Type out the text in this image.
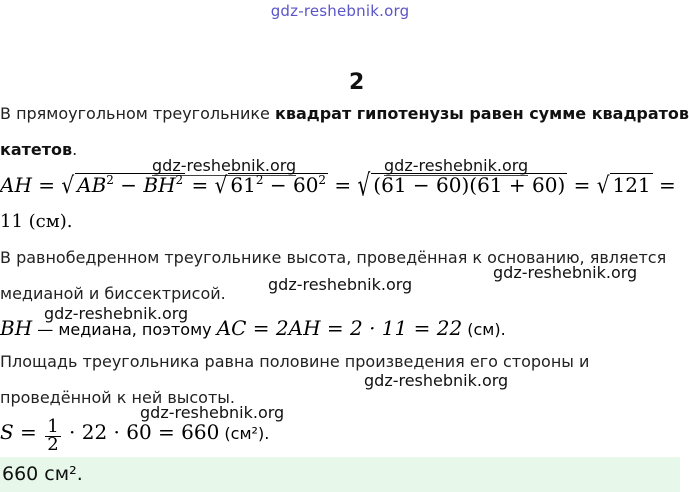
gdz-reshebnik.org
2
В прямоугольном треугольнике квадрат гипотенузы равен сумме квадратов
катетов.
gdz-reshebnik.org	gdz-reshebnik.org
AH = √ $AB^2 - BH^2$ = √ $61^2 - 60^2$ = √ (61 − 60)(61 + 60) = √ 121 =
11 (см).
В равнобедренном треугольнике высота, проведённая к основанию, является
gdz-reshebnik.org
gdz-reshebnik.org
медианой и биссектрисой.
gdz-reshebnik.org
BH — медиана, поэтому AC = 2AH = 2 · 11 = 22 (см).
Площадь треугольника равна половине произведения его стороны и
gdz-reshebnik.org
проведённой к ней высоты.
gdz-reshebnik.org
$S = \frac{1}{2} \cdot 22 \cdot 60 = 660$ (см²).
660 см².
